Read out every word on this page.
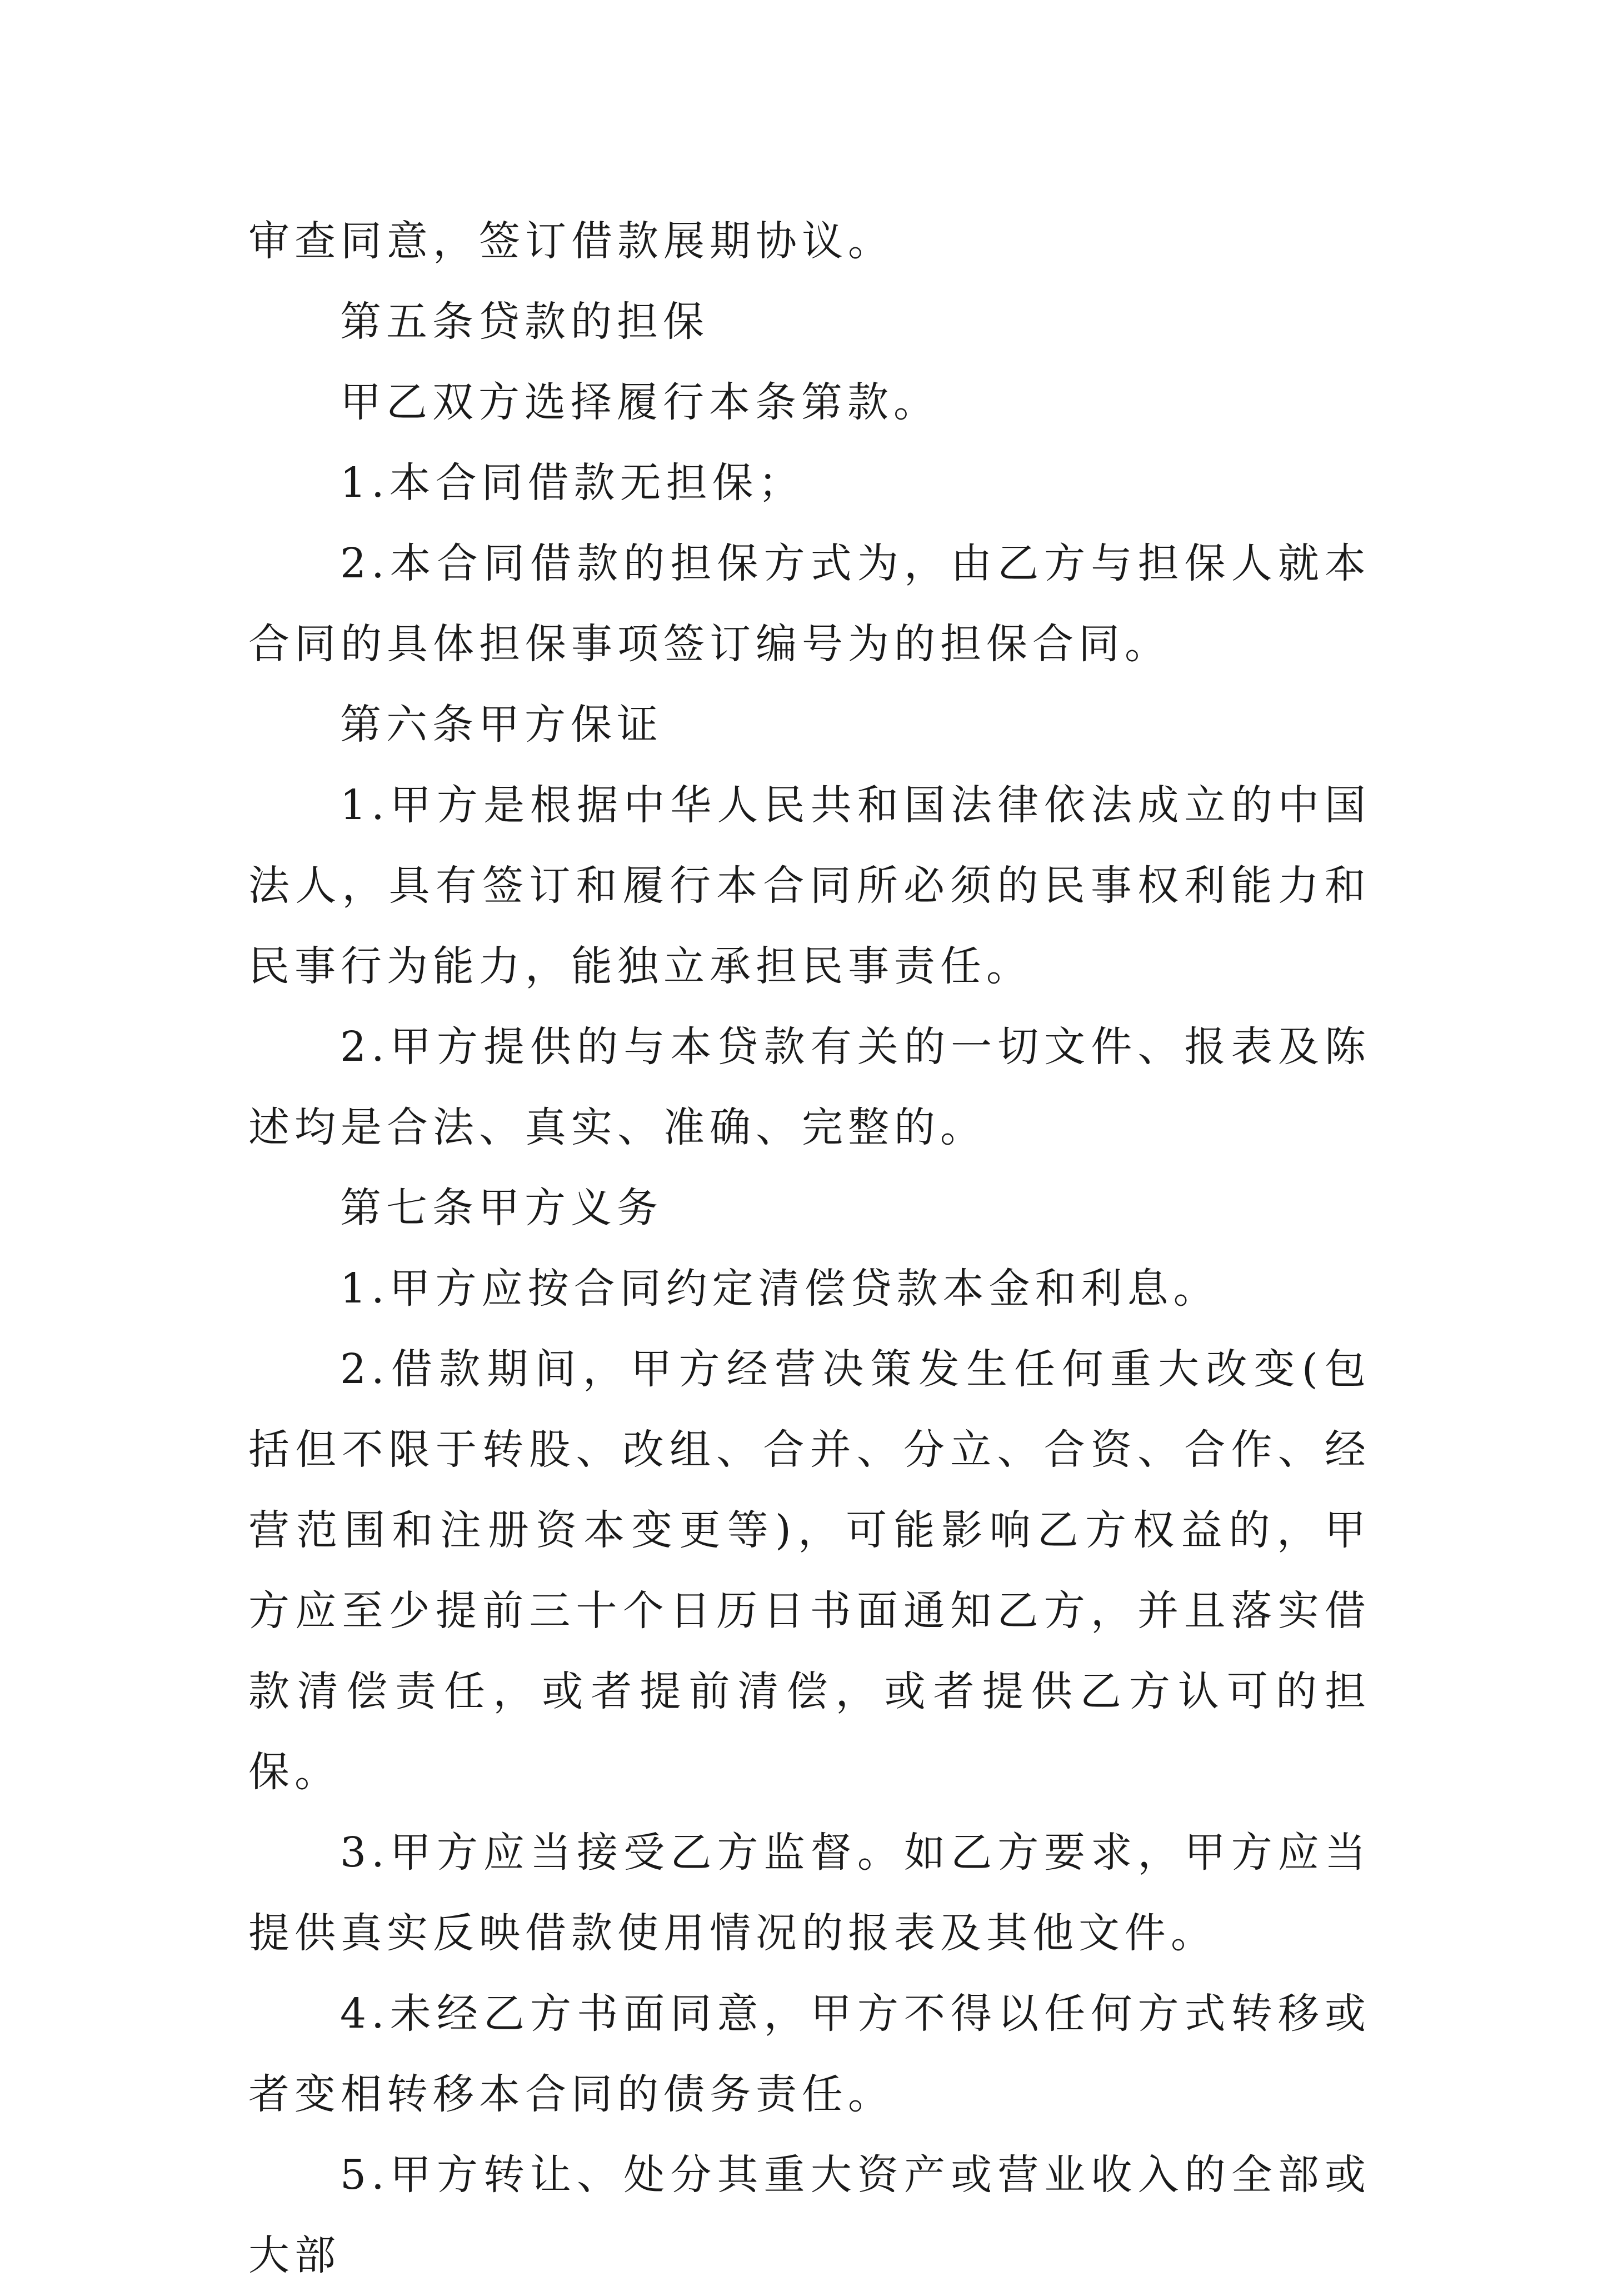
审查同意，签订借款展期协议。

第五条贷款的担保

甲乙双方选择履行本条第款。

1.本合同借款无担保；

2.本合同借款的担保方式为，由乙方与担保人就本合同的具体担保事项签订编号为的担保合同。

第六条甲方保证

1.甲方是根据中华人民共和国法律依法成立的中国法人，具有签订和履行本合同所必须的民事权利能力和民事行为能力，能独立承担民事责任。

2.甲方提供的与本贷款有关的一切文件、报表及陈述均是合法、真实、准确、完整的。

第七条甲方义务

1.甲方应按合同约定清偿贷款本金和利息。

2.借款期间，甲方经营决策发生任何重大改变(包括但不限于转股、改组、合并、分立、合资、合作、经营范围和注册资本变更等)，可能影响乙方权益的，甲方应至少提前三十个日历日书面通知乙方，并且落实借款清偿责任，或者提前清偿，或者提供乙方认可的担保。

3.甲方应当接受乙方监督。如乙方要求，甲方应当提供真实反映借款使用情况的报表及其他文件。

4.未经乙方书面同意，甲方不得以任何方式转移或者变相转移本合同的债务责任。

5.甲方转让、处分其重大资产或营业收入的全部或大部
